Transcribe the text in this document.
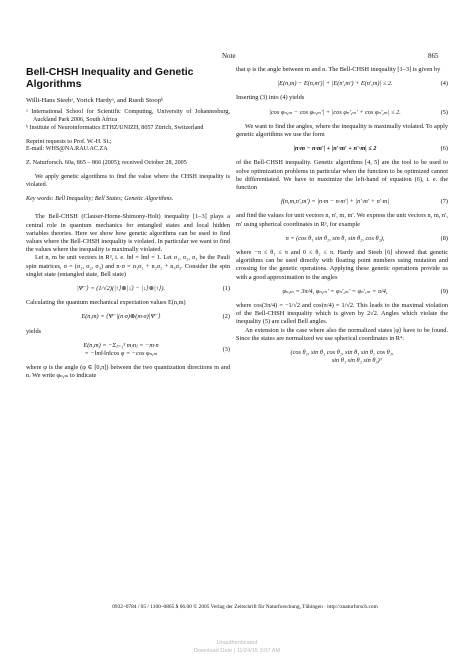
Note	865
Bell-CHSH Inequality and Genetic Algorithms
Willi-Hans Steebᵃ, Yorick Hardyᵃ, and Ruedi Stoopᵇ

ᵃ International School for Scientific Computing, University of Johannesburg, Auckland Park 2006, South Africa

ᵇ Institute of Neuroinformatics ETHZ/UNIZH, 8057 Zürich, Switzerland

Reprint requests to Prof. W.-H. St.;

E-mail: WHS@NA.RAU.AC.ZA

Z. Naturforsch. 60a, 865 – 866 (2005); received October 28, 2005

We apply genetic algorithms to find the value where the CHSH inequality is violated.

Key words: Bell Inequality; Bell States; Genetic Algorithms.

The Bell-CHSH (Clauser-Horne-Shimony-Holt) inequality [1–3] plays a central role in quantum mechanics for entangled states and local hidden variables theories. Here we show how genetic algorithms can be used to find values where the Bell-CHSH inequality is violated. In particular we want to find the values where the inequality is maximally violated.

Let n, m be unit vectors in R³, i. e. ‖n‖ = ‖m‖ = 1. Let σ₁, σ₂, σ₃ be the Pauli spin matrices, σ = (σ₁, σ₂, σ₃) and n·σ = n₁σ₁ + n₂σ₂ + n₃σ₃. Consider the spin singlet state (entangled state, Bell state)

|Ψ⁻⟩ = (1/√2)(|↑⟩⊗|↓⟩ − |↓⟩⊗|↑⟩).	(1)

Calculating the quantum mechanical expectation values E(n,m)

E(n,m) = ⟨Ψ⁻|(n·σ)⊗(m·σ)|Ψ⁻⟩	(2)

yields

E(n,m) = −Σⱼ₌₁³ mⱼnⱼ = −m·n
= −‖m‖·‖n‖cos φ = −cos φₙ,ₘ
(3)

where φ is the angle (φ ∈ [0,π]) between the two quantization directions m and n. We write φₙ,ₘ to indicate

that φ is the angle between m and n. The Bell-CHSH inequality [1–3] is given by

|E(n,m) − E(n,m′)| + |E(n′,m′) + E(n′,m)| ≤ 2.	(4)

Inserting (3) into (4) yields

|cos φₙ,ₘ − cos φₙ,ₘ′| + |cos φₙ′,ₘ′ + cos φₙ′,ₘ| ≤ 2.	(5)

We want to find the angles, where the inequality is maximally violated. To apply genetic algorithms we use the form

|n·m − n·m′| + |n′·m′ + n′·m| ≤ 2	(6)

of the Bell-CHSH inequality. Genetic algorithms [4, 5] are the tool to be used to solve optimization problems in particular when the function to be optimized cannot be differentiated. We have to maximize the left-hand of equation (6), i. e. the function

f(n,m,n′,m′) = |n·m − n·m′| + |n′·m′ + n′·m|	(7)

and find the values for unit vectors n, n′, m, m′. We express the unit vectors n, m, n′, m′ using spherical coordinates in R³, for example

n = (cos θ₁ sin θ₂, sin θ₁ sin θ₂, cos θ₂),	(8)

where −π ≤ θ₁ ≤ π and 0 ≤ θ₂ ≤ π. Hardy and Steeb [6] showed that genetic algorithms can be used directly with floating point numbers using mutation and crossing for the genetic operations. Applying these genetic operations provide us with a good approximation to the angles

φₙ,ₘ = 3π/4, φₙ,ₘ′ = φₙ′,ₘ′ = φₙ′,ₘ = π/4,	(9)

where cos(3π/4) = −1/√2 and cos(π/4) = 1/√2. This leads to the maximal violation of the Bell-CHSH inequality which is given by 2√2. Angles which violate the inequality (5) are called Bell angles.

An extension is the case where also the normalized states |φ⟩ have to be found. Since the states are normalized we use spherical coordinates in R⁴:

(cos θ₁, sin θ₁ cos θ₂, sin θ₁ sin θ₂ cos θ₃,
sin θ₁ sin θ₂ sin θ₃)ᵀ
0932–0784 / 05 / 1100–0865 $ 06.00 © 2005 Verlag der Zeitschrift für Naturforschung, Tübingen · http://znaturforsch.com
Unauthenticated
Download Date | 11/24/15 3:07 AM
